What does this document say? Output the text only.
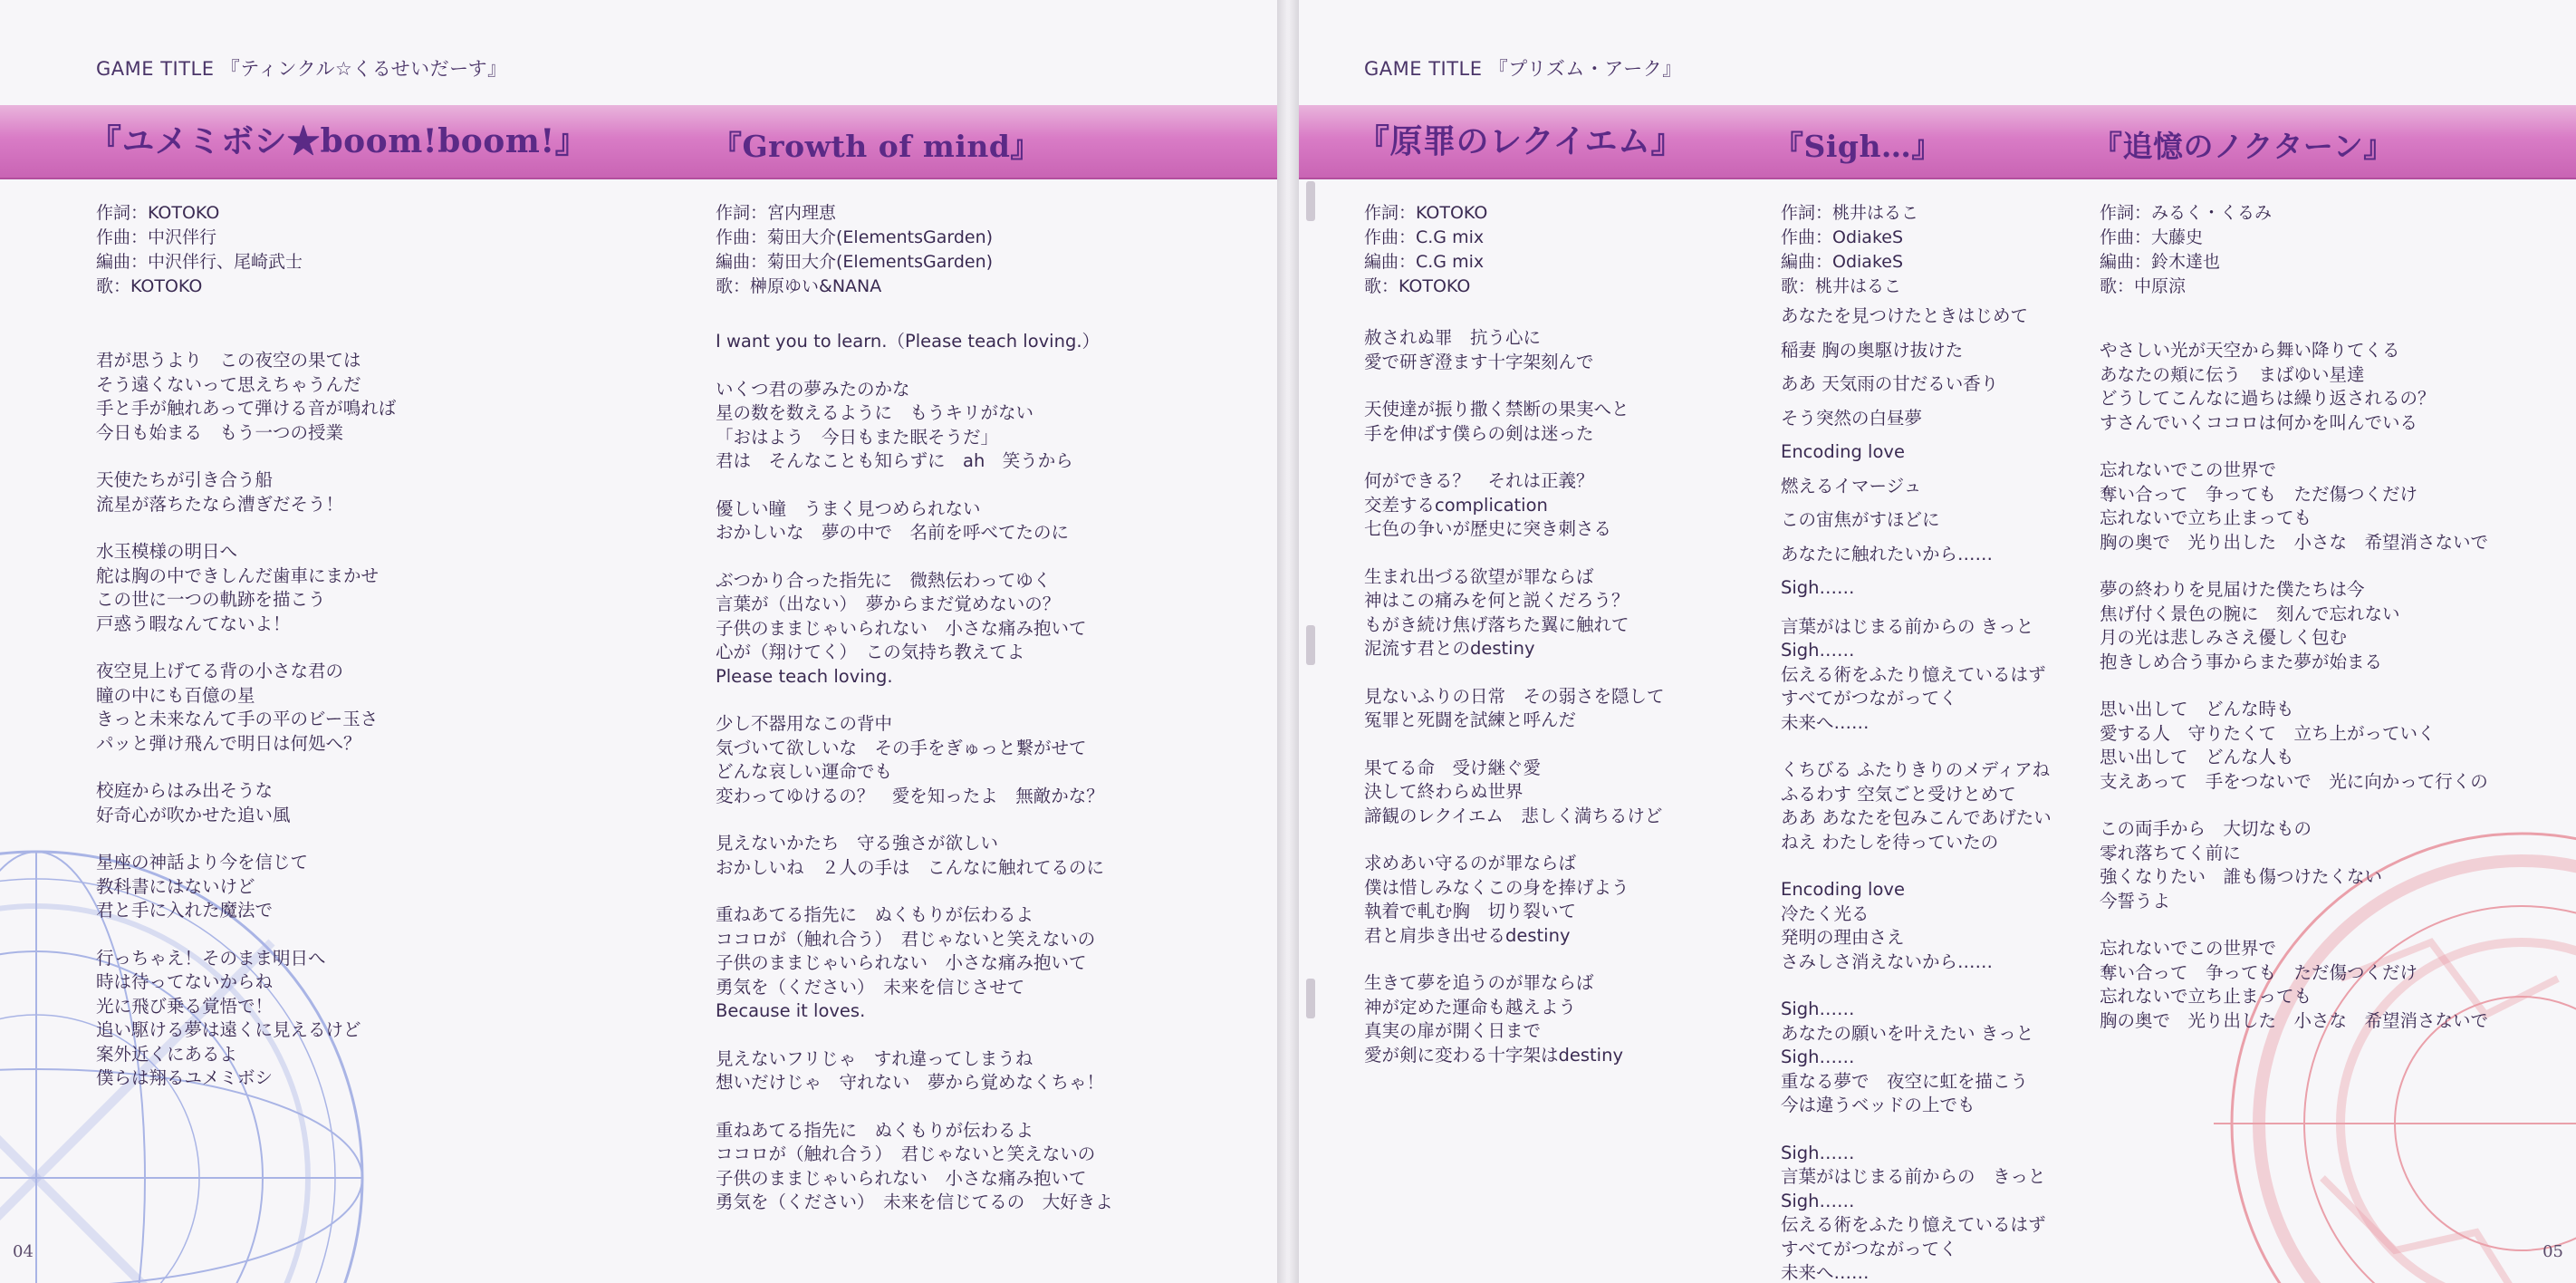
GAME TITLE 『ティンクル☆くるせいだーす』
『ユメミボシ★boom!boom!』	『Growth of mind』
作詞：KOTOKO
作曲：中沢伴行
編曲：中沢伴行、尾崎武士
歌：KOTOKO
君が思うより　この夜空の果ては
そう遠くないって思えちゃうんだ
手と手が触れあって弾ける音が鳴れば
今日も始まる　もう一つの授業
天使たちが引き合う船
流星が落ちたなら漕ぎだそう！
水玉模様の明日へ
舵は胸の中できしんだ歯車にまかせ
この世に一つの軌跡を描こう
戸惑う暇なんてないよ！
夜空見上げてる背の小さな君の
瞳の中にも百億の星
きっと未来なんて手の平のビー玉さ
パッと弾け飛んで明日は何処へ？
校庭からはみ出そうな
好奇心が吹かせた追い風
星座の神話より今を信じて
教科書にはないけど
君と手に入れた魔法で
行っちゃえ！そのまま明日へ
時は待ってないからね
光に飛び乗る覚悟で！
追い駆ける夢は遠くに見えるけど
案外近くにあるよ
僕らは翔るユメミボシ
作詞：宮内理恵
作曲：菊田大介(ElementsGarden)
編曲：菊田大介(ElementsGarden)
歌：榊原ゆい&NANA
I want you to learn.（Please teach loving.）
いくつ君の夢みたのかな
星の数を数えるように　もうキリがない
「おはよう　今日もまた眠そうだ」
君は　そんなことも知らずに　ah　笑うから
優しい瞳　うまく見つめられない
おかしいな　夢の中で　名前を呼べてたのに
ぶつかり合った指先に　微熱伝わってゆく
言葉が（出ない）　夢からまだ覚めないの？
子供のままじゃいられない　小さな痛み抱いて
心が（翔けてく）　この気持ち教えてよ
Please teach loving.
少し不器用なこの背中
気づいて欲しいな　その手をぎゅっと繋がせて
どんな哀しい運命でも
変わってゆけるの？　愛を知ったよ　無敵かな？
見えないかたち　守る強さが欲しい
おかしいね　２人の手は　こんなに触れてるのに
重ねあてる指先に　ぬくもりが伝わるよ
ココロが（触れ合う）　君じゃないと笑えないの
子供のままじゃいられない　小さな痛み抱いて
勇気を（ください）　未来を信じさせて
Because it loves.
見えないフリじゃ　すれ違ってしまうね
想いだけじゃ　守れない　夢から覚めなくちゃ！
重ねあてる指先に　ぬくもりが伝わるよ
ココロが（触れ合う）　君じゃないと笑えないの
子供のままじゃいられない　小さな痛み抱いて
勇気を（ください）　未来を信じてるの　大好きよ
04
GAME TITLE 『プリズム・アーク』
『原罪のレクイエム』	『Sigh…』	『追憶のノクターン』
作詞：KOTOKO
作曲：C.G mix
編曲：C.G mix
歌：KOTOKO
赦されぬ罪　抗う心に
愛で研ぎ澄ます十字架刻んで
天使達が振り撒く禁断の果実へと
手を伸ばす僕らの剣は迷った
何ができる？　それは正義？
交差するcomplication
七色の争いが歴史に突き刺さる
生まれ出づる欲望が罪ならば
神はこの痛みを何と説くだろう？
もがき続け焦げ落ちた翼に触れて
泥流す君とのdestiny
見ないふりの日常　その弱さを隠して
冤罪と死闘を試練と呼んだ
果てる命　受け継ぐ愛
決して終わらぬ世界
諦観のレクイエム　悲しく満ちるけど
求めあい守るのが罪ならば
僕は惜しみなくこの身を捧げよう
執着で軋む胸　切り裂いて
君と肩歩き出せるdestiny
生きて夢を追うのが罪ならば
神が定めた運命も越えよう
真実の扉が開く日まで
愛が剣に変わる十字架はdestiny
作詞：桃井はるこ
作曲：OdiakeS
編曲：OdiakeS
歌：桃井はるこ
あなたを見つけたときはじめて
稲妻 胸の奥駆け抜けた
ああ 天気雨の甘だるい香り
そう突然の白昼夢
Encoding love
燃えるイマージュ
この宙焦がすほどに
あなたに触れたいから……
Sigh……
言葉がはじまる前からの きっと
Sigh……
伝える術をふたり憶えているはず
すべてがつながってく
未来へ……
くちびる ふたりきりのメディアね
ふるわす 空気ごと受けとめて
ああ あなたを包みこんであげたい
ねえ わたしを待っていたの
Encoding love
冷たく光る
発明の理由さえ
さみしさ消えないから……
Sigh……
あなたの願いを叶えたい きっと
Sigh……
重なる夢で　夜空に虹を描こう
今は違うベッドの上でも
Sigh……
言葉がはじまる前からの　きっと
Sigh……
伝える術をふたり憶えているはず
すべてがつながってく
未来へ……
作詞：みるく・くるみ
作曲：大藤史
編曲：鈴木達也
歌：中原涼
やさしい光が天空から舞い降りてくる
あなたの頬に伝う　まばゆい星達
どうしてこんなに過ちは繰り返されるの？
すさんでいくココロは何かを叫んでいる
忘れないでこの世界で
奪い合って　争っても　ただ傷つくだけ
忘れないで立ち止まっても
胸の奥で　光り出した　小さな　希望消さないで
夢の終わりを見届けた僕たちは今
焦げ付く景色の腕に　刻んで忘れない
月の光は悲しみさえ優しく包む
抱きしめ合う事からまた夢が始まる
思い出して　どんな時も
愛する人　守りたくて　立ち上がっていく
思い出して　どんな人も
支えあって　手をつないで　光に向かって行くの
この両手から　大切なもの
零れ落ちてく前に
強くなりたい　誰も傷つけたくない
今誓うよ
忘れないでこの世界で
奪い合って　争っても　ただ傷つくだけ
忘れないで立ち止まっても
胸の奥で　光り出した　小さな　希望消さないで
05
